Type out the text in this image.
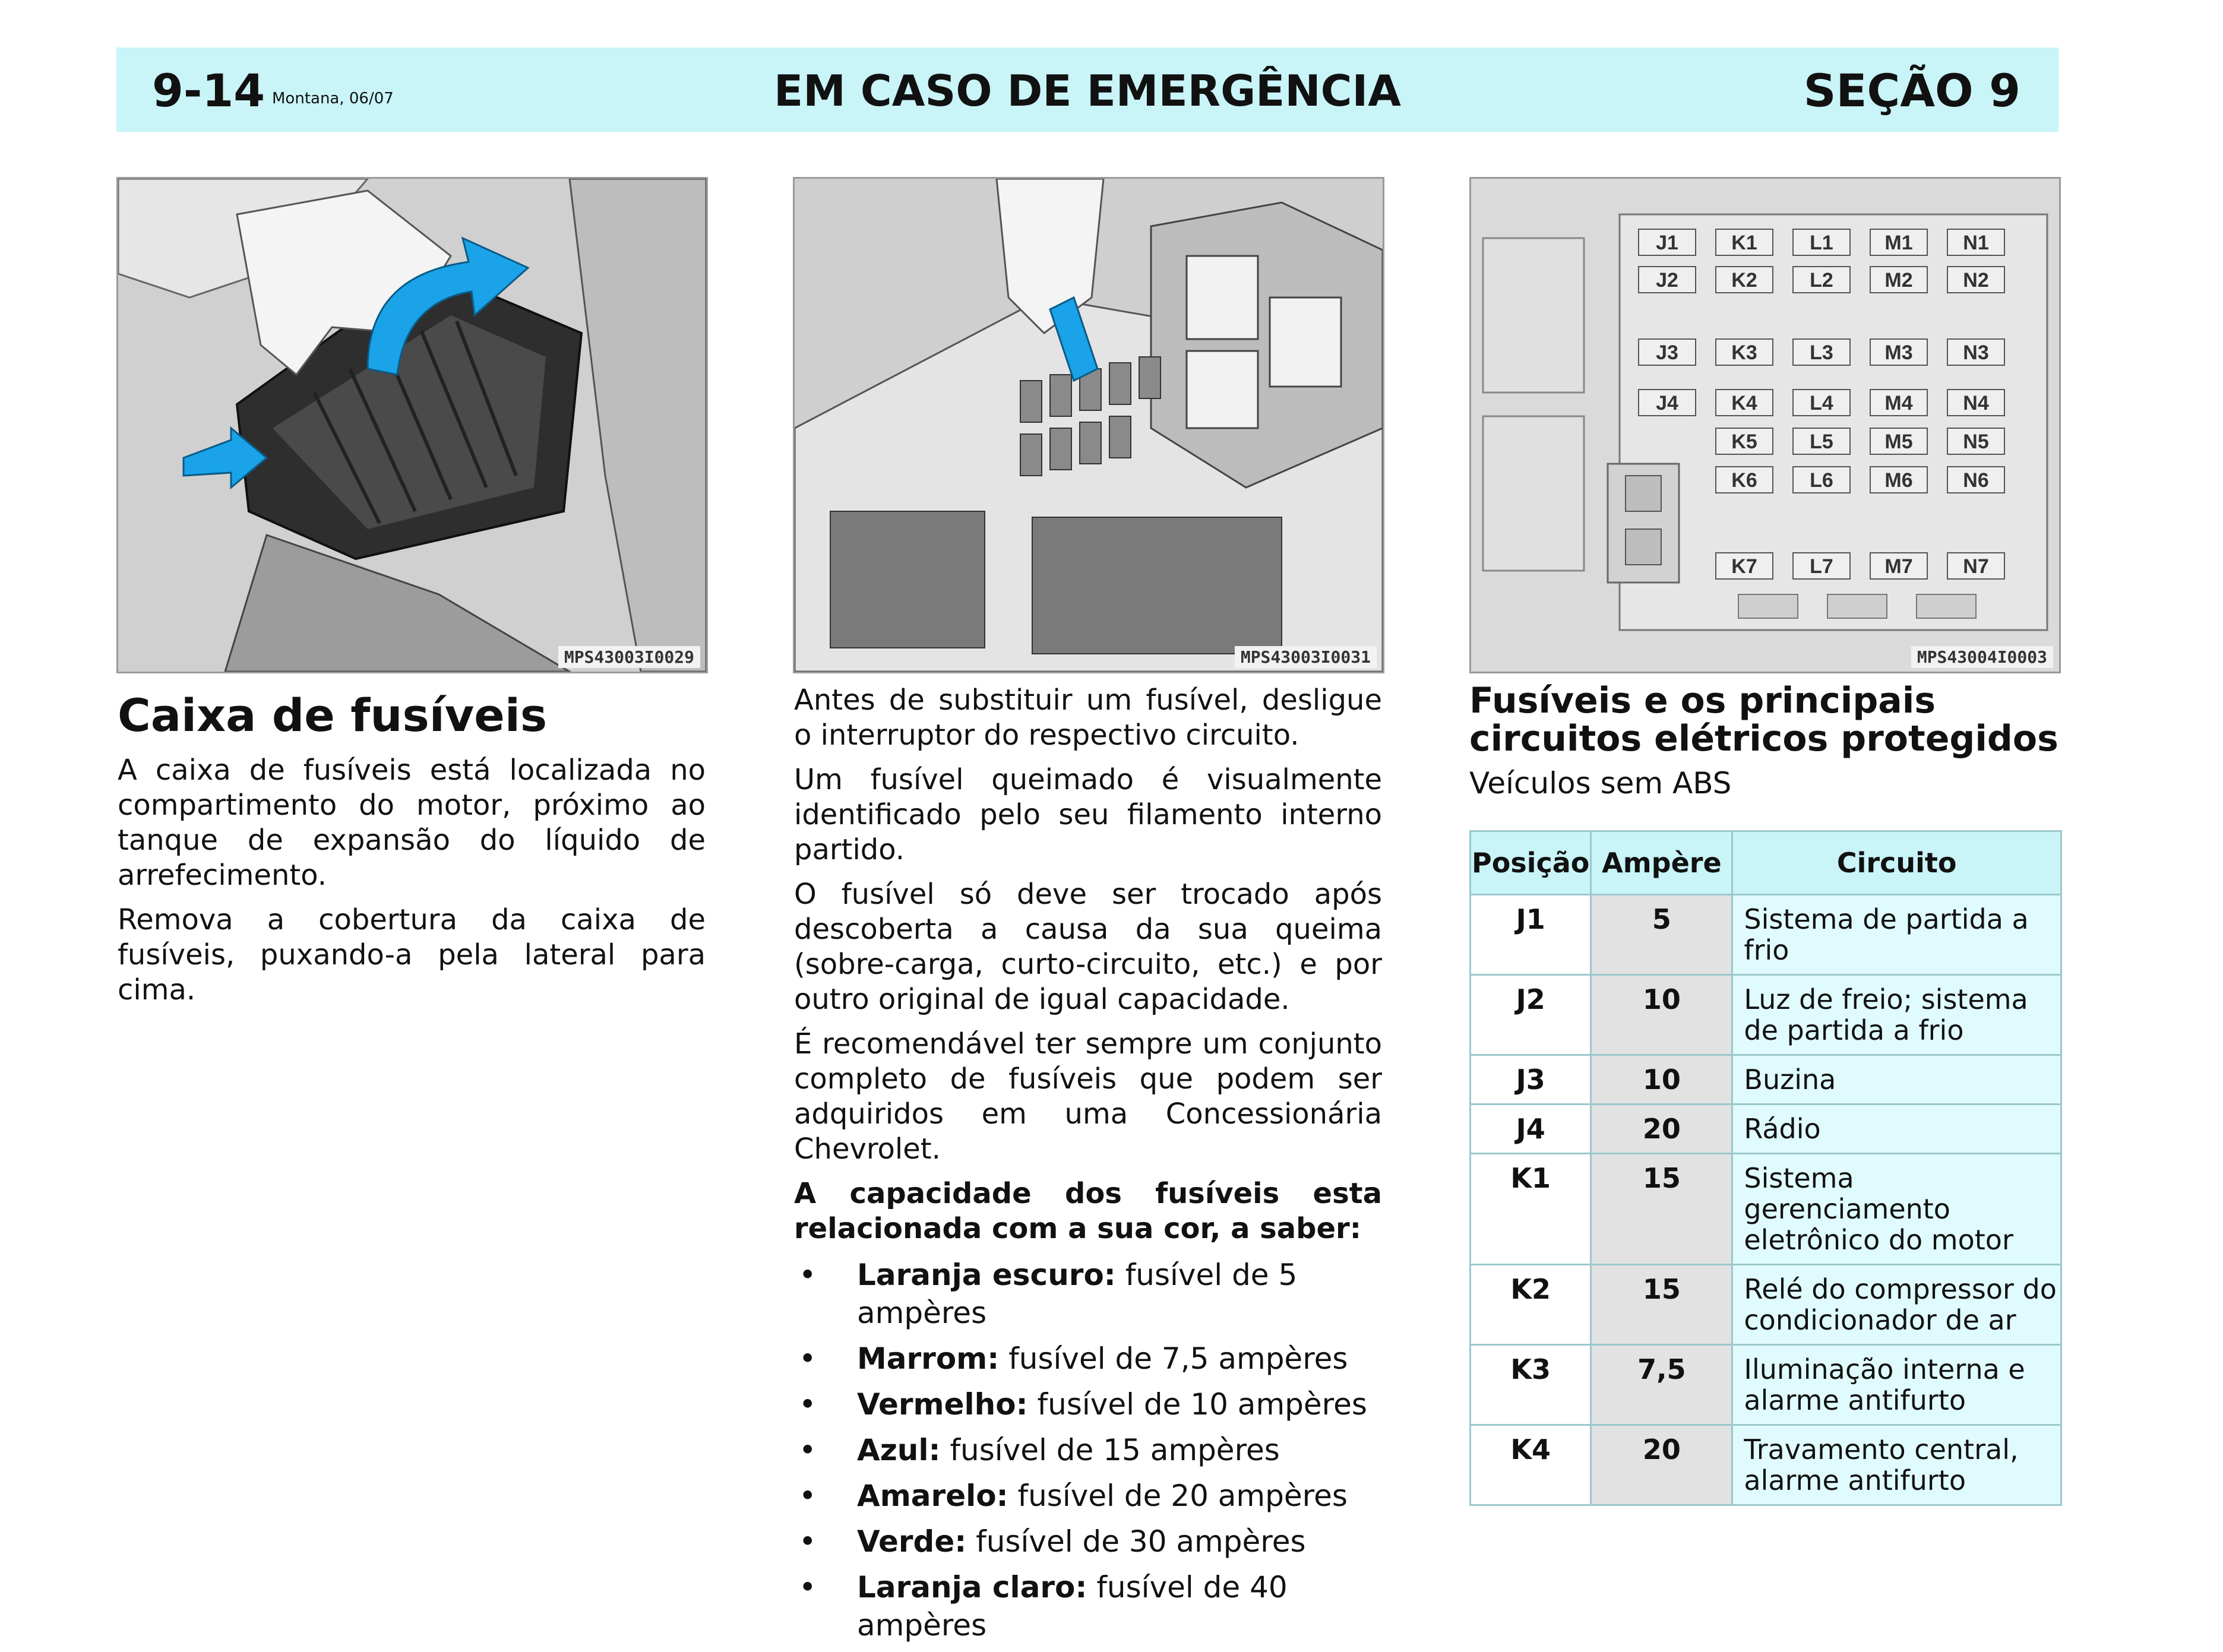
9-14 Montana, 06/07	EM CASO DE EMERGÊNCIA	SEÇÃO 9
MPS43003I0029	MPS43003I0031
J1	K1	L1	M1 N1
J2	K2	L2	M2 N2
J3	K3	L3	M3 N3
J4	K4	L4	M4 N4
K5	L5	M5 N5
K6	L6	M6 N6
K7	L7	M7 N7
MPS43004I0003
Caixa de fusíveis

A caixa de fusíveis está localizada no compartimento do motor, próximo ao tanque de expansão do líquido de arrefecimento.

Remova a cobertura da caixa de fusíveis, puxando-a pela lateral para cima.

Antes de substituir um fusível, desligue o interruptor do respectivo circuito.

Um fusível queimado é visualmente identificado pelo seu filamento interno partido.

O fusível só deve ser trocado após descoberta a causa da sua queima (sobre-carga, curto-circuito, etc.) e por outro original de igual capacidade.

É recomendável ter sempre um conjunto completo de fusíveis que podem ser adquiridos em uma Concessionária Chevrolet.

A capacidade dos fusíveis esta relacionada com a sua cor, a saber:

• Laranja escuro: fusível de 5 ampères
• Marrom: fusível de 7,5 ampères
• Vermelho: fusível de 10 ampères
• Azul: fusível de 15 ampères
• Amarelo: fusível de 20 ampères
• Verde: fusível de 30 ampères
• Laranja claro: fusível de 40 ampères
Fusíveis e os principais
circuitos elétricos protegidos
Veículos sem ABS
Posição	Ampère	Circuito
J1	5	Sistema de partida a frio
J2	10	Luz de freio; sistema de partida a frio
J3	10	Buzina
J4	20	Rádio
K1	15	Sistema gerenciamento eletrônico do motor
K2	15	Relé do compressor do condicionador de ar
K3	7,5	Iluminação interna e alarme antifurto
K4	20	Travamento central, alarme antifurto
